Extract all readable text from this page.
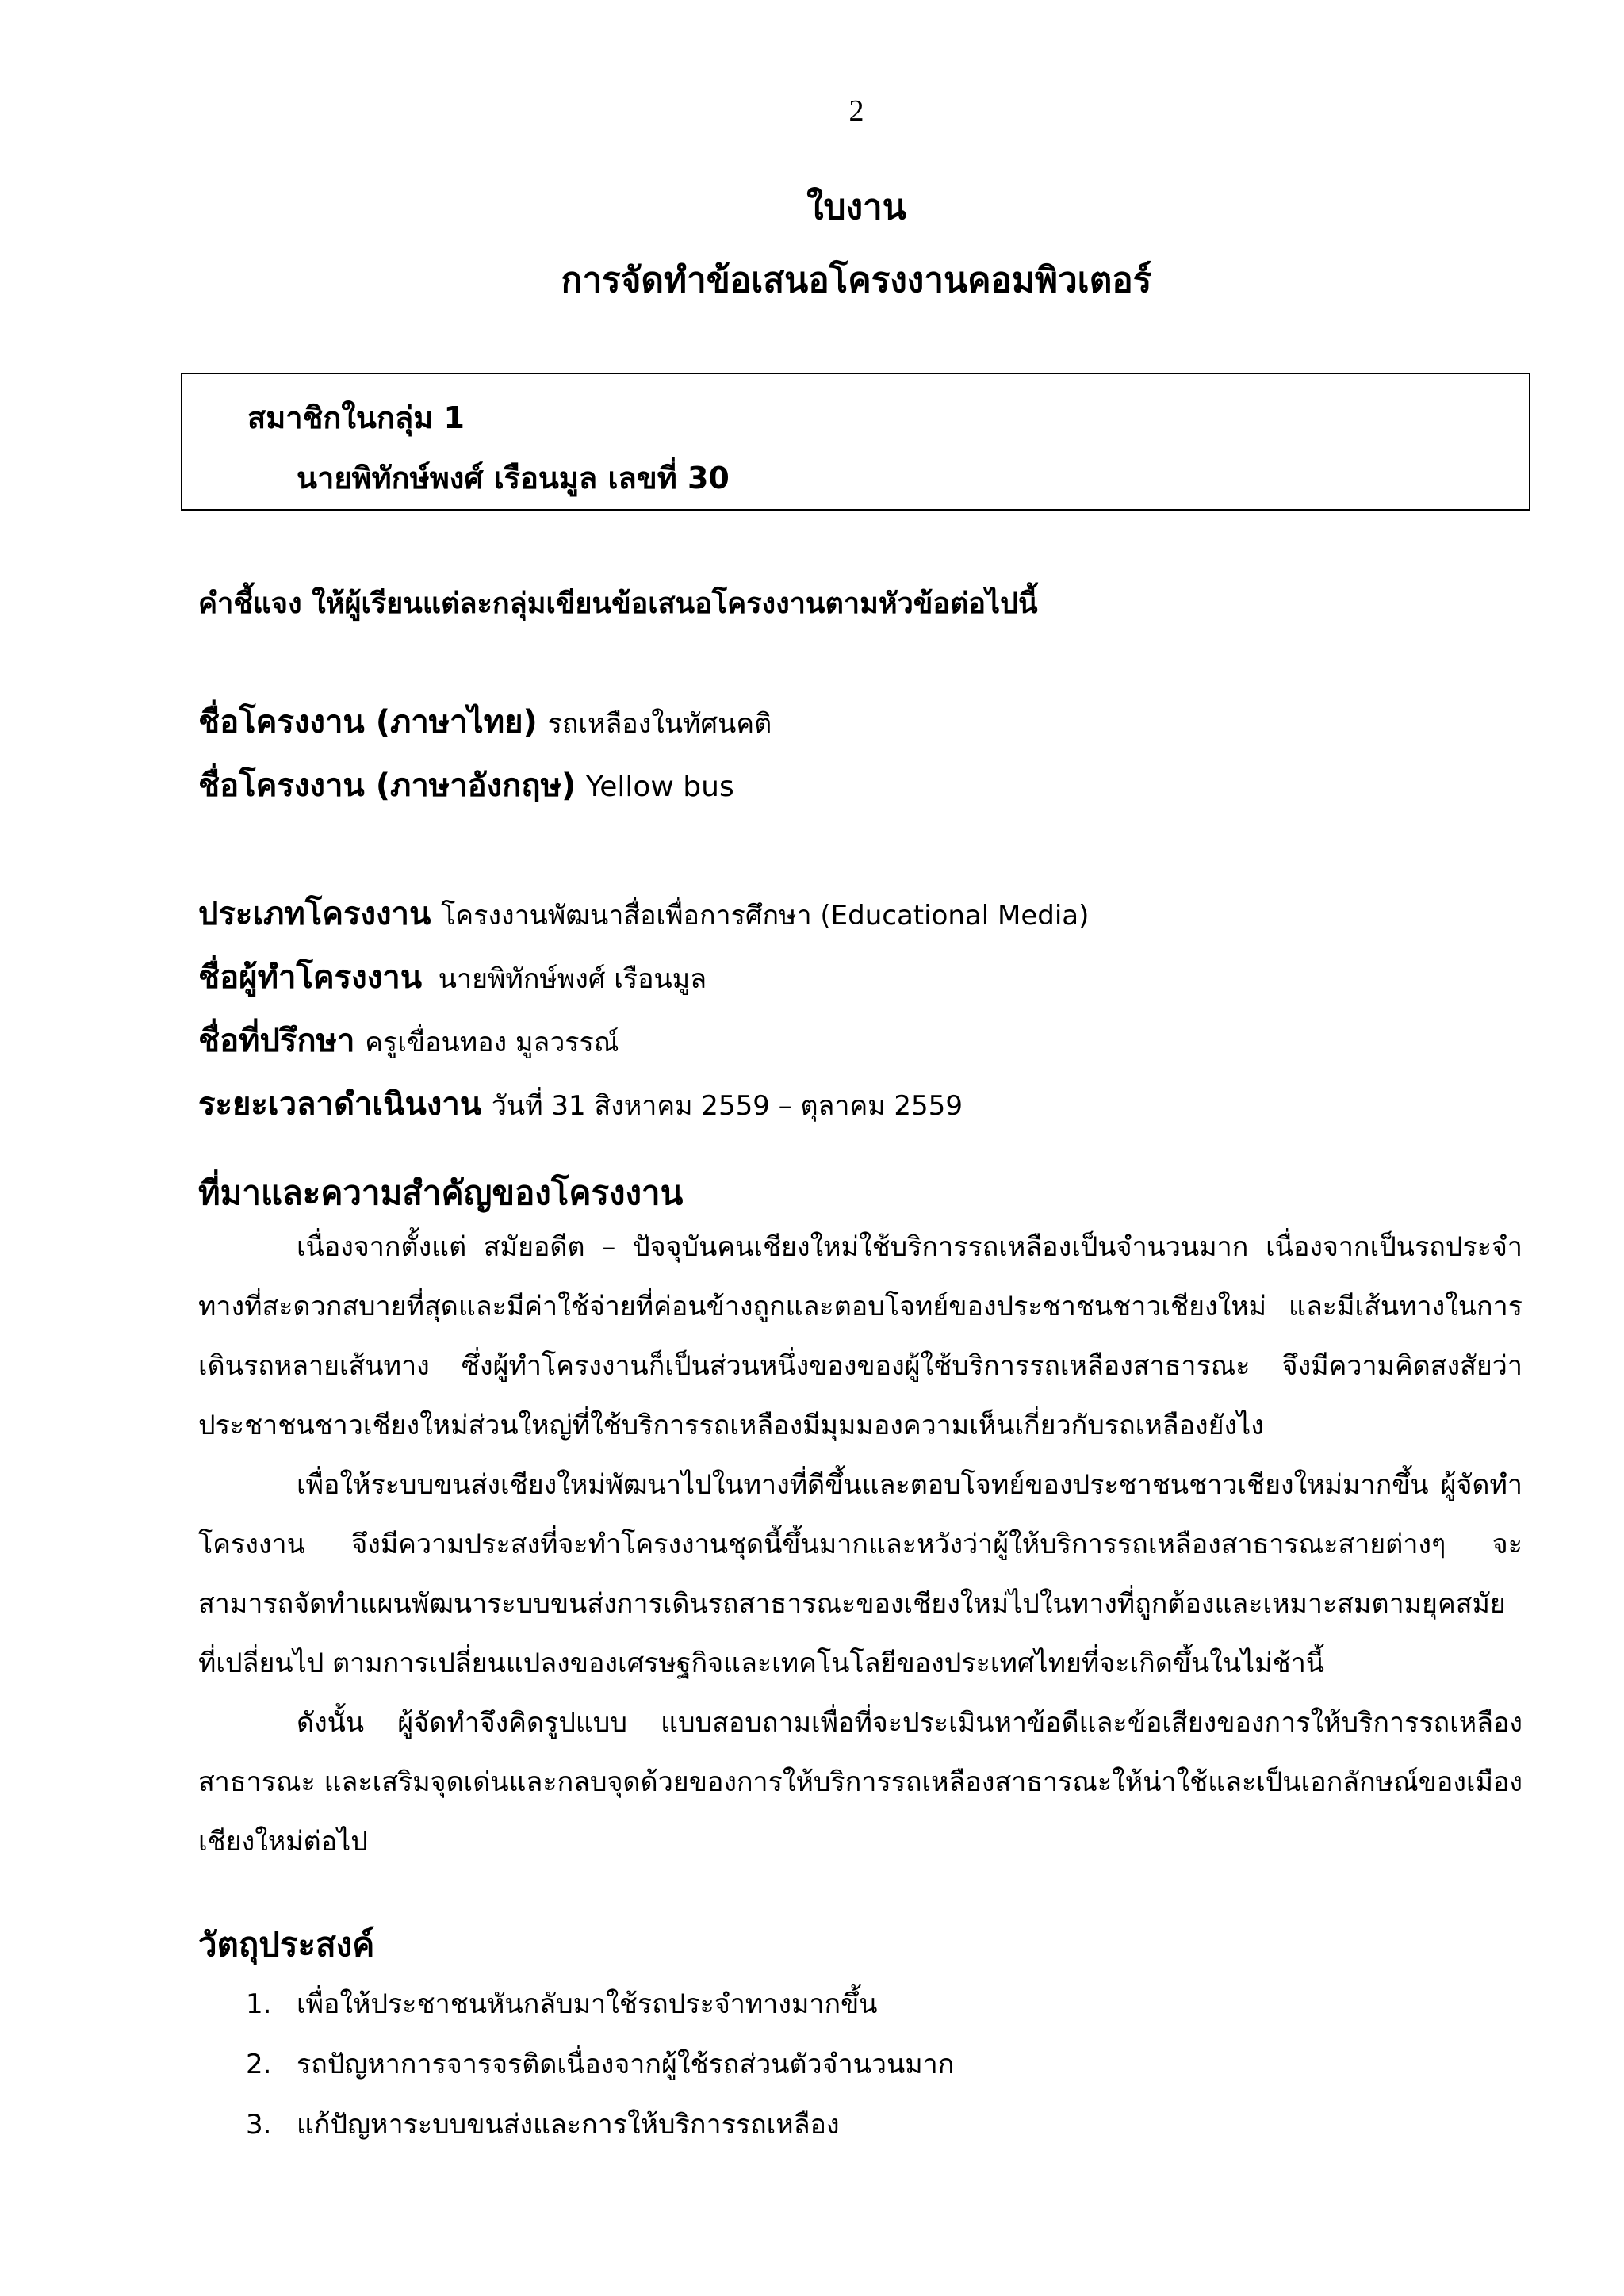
2
ใบงาน
การจัดทำข้อเสนอโครงงานคอมพิวเตอร์
สมาชิกในกลุ่ม 1
นายพิทักษ์พงศ์ เรือนมูล เลขที่ 30
คำชี้แจง ให้ผู้เรียนแต่ละกลุ่มเขียนข้อเสนอโครงงานตามหัวข้อต่อไปนี้
ชื่อโครงงาน (ภาษาไทย) รถเหลืองในทัศนคติ
ชื่อโครงงาน (ภาษาอังกฤษ) Yellow bus
ประเภทโครงงาน โครงงานพัฒนาสื่อเพื่อการศึกษา (Educational Media)
ชื่อผู้ทำโครงงาน นายพิทักษ์พงศ์ เรือนมูล
ชื่อที่ปรึกษา ครูเขื่อนทอง มูลวรรณ์
ระยะเวลาดำเนินงาน วันที่ 31 สิงหาคม 2559 – ตุลาคม 2559
ที่มาและความสำคัญของโครงงาน
เนื่องจากตั้งแต่ สมัยอดีต – ปัจจุบันคนเชียงใหม่ใช้บริการรถเหลืองเป็นจำนวนมาก เนื่องจากเป็นรถประจำทางที่สะดวกสบายที่สุดและมีค่าใช้จ่ายที่ค่อนข้างถูกและตอบโจทย์ของประชาชนชาวเชียงใหม่ และมีเส้นทางในการเดินรถหลายเส้นทาง ซึ่งผู้ทำโครงงานก็เป็นส่วนหนึ่งของของผู้ใช้บริการรถเหลืองสาธารณะ จึงมีความคิดสงสัยว่าประชาชนชาวเชียงใหม่ส่วนใหญ่ที่ใช้บริการรถเหลืองมีมุมมองความเห็นเกี่ยวกับรถเหลืองยังไง
เพื่อให้ระบบขนส่งเชียงใหม่พัฒนาไปในทางที่ดีขึ้นและตอบโจทย์ของประชาชนชาวเชียงใหม่มากขึ้น ผู้จัดทำโครงงาน จึงมีความประสงที่จะทำโครงงานชุดนี้ขึ้นมากและหวังว่าผู้ให้บริการรถเหลืองสาธารณะสายต่างๆ จะสามารถจัดทำแผนพัฒนาระบบขนส่งการเดินรถสาธารณะของเชียงใหม่ไปในทางที่ถูกต้องและเหมาะสมตามยุคสมัยที่เปลี่ยนไป ตามการเปลี่ยนแปลงของเศรษฐกิจและเทคโนโลยีของประเทศไทยที่จะเกิดขึ้นในไม่ช้านี้
ดังนั้น ผู้จัดทำจึงคิดรูปแบบ แบบสอบถามเพื่อที่จะประเมินหาข้อดีและข้อเสียงของการให้บริการรถเหลืองสาธารณะ และเสริมจุดเด่นและกลบจุดด้วยของการให้บริการรถเหลืองสาธารณะให้น่าใช้และเป็นเอกลักษณ์ของเมืองเชียงใหม่ต่อไป
วัตถุประสงค์
1. เพื่อให้ประชาชนหันกลับมาใช้รถประจำทางมากขึ้น
2. รถปัญหาการจารจรติดเนื่องจากผู้ใช้รถส่วนตัวจำนวนมาก
3. แก้ปัญหาระบบขนส่งและการให้บริการรถเหลือง
